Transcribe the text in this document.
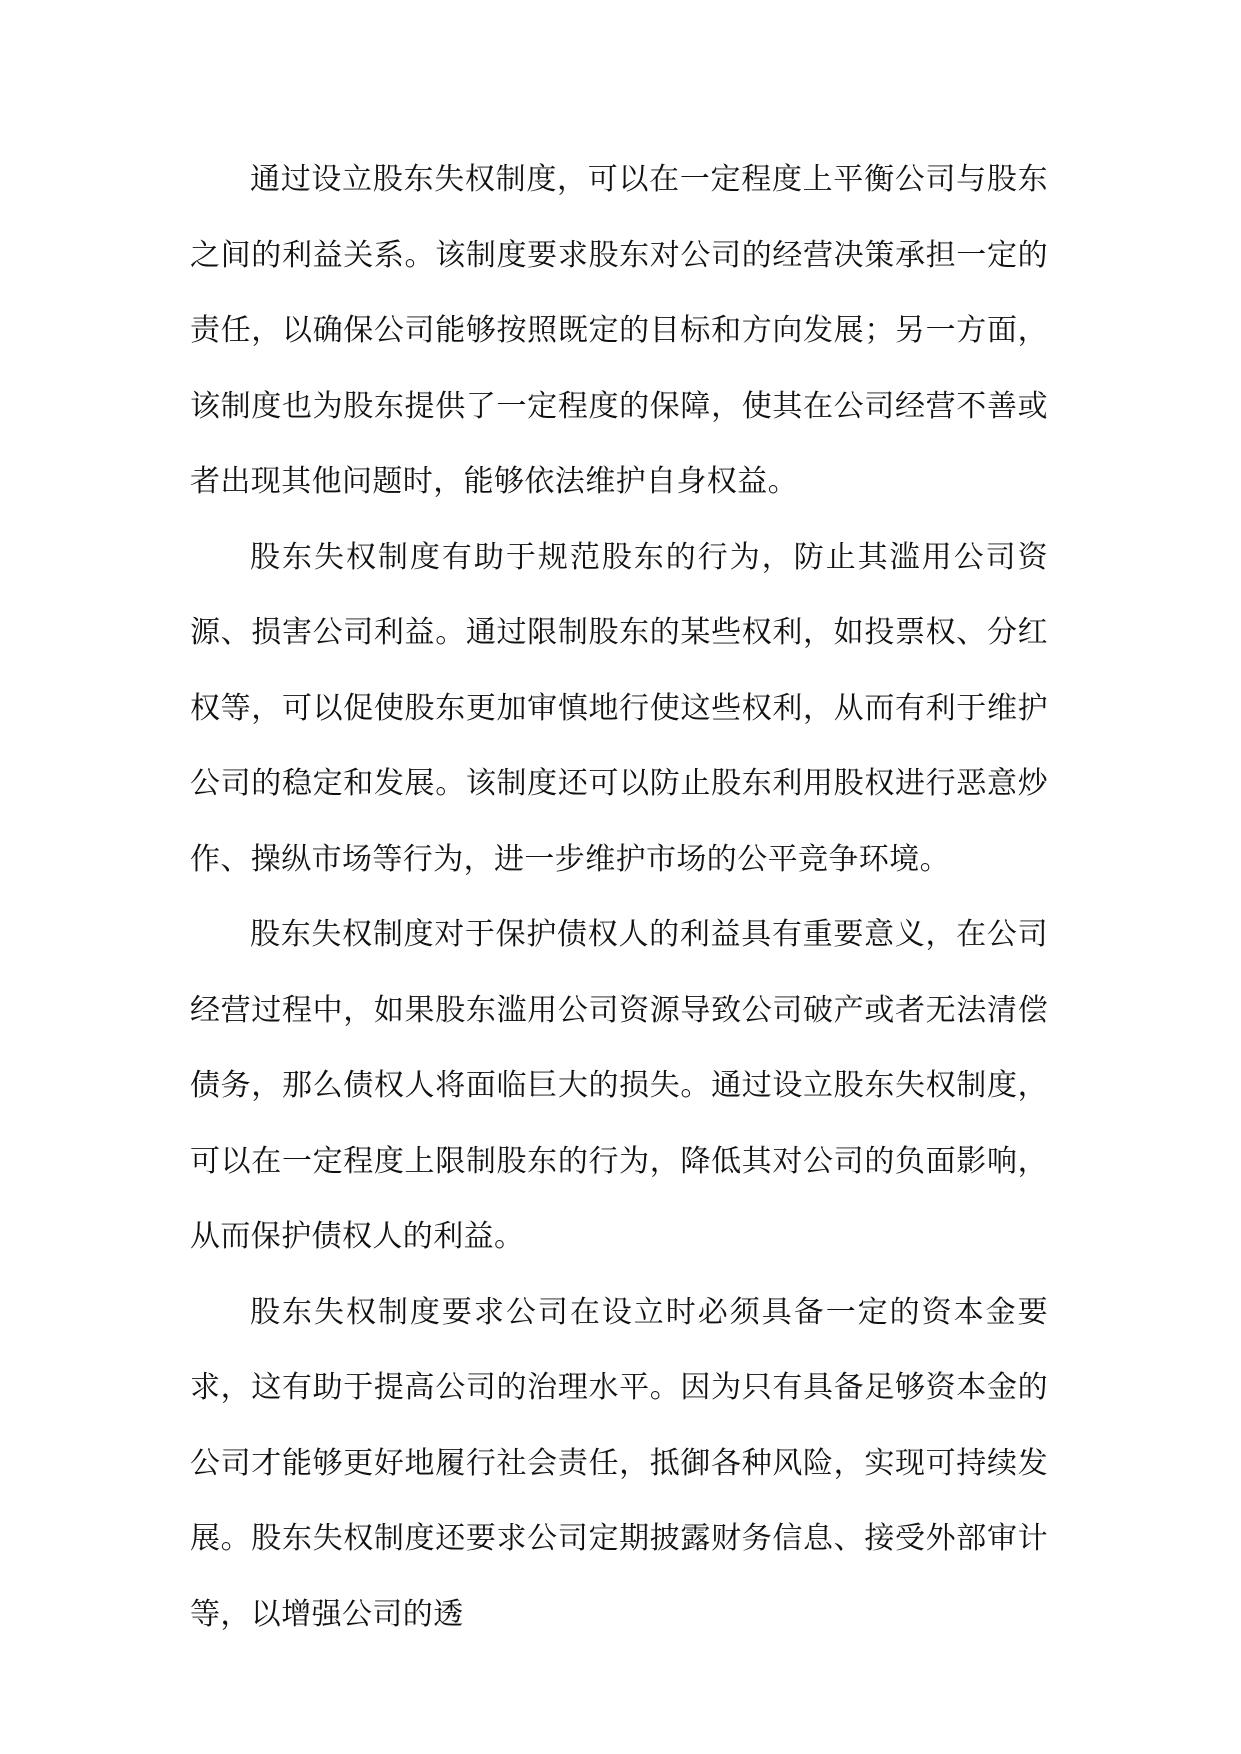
通过设立股东失权制度，可以在一定程度上平衡公司与股东之间的利益关系。该制度要求股东对公司的经营决策承担一定的责任，以确保公司能够按照既定的目标和方向发展；另一方面，该制度也为股东提供了一定程度的保障，使其在公司经营不善或者出现其他问题时，能够依法维护自身权益。

股东失权制度有助于规范股东的行为，防止其滥用公司资源、损害公司利益。通过限制股东的某些权利，如投票权、分红权等，可以促使股东更加审慎地行使这些权利，从而有利于维护公司的稳定和发展。该制度还可以防止股东利用股权进行恶意炒作、操纵市场等行为，进一步维护市场的公平竞争环境。

股东失权制度对于保护债权人的利益具有重要意义，在公司经营过程中，如果股东滥用公司资源导致公司破产或者无法清偿债务，那么债权人将面临巨大的损失。通过设立股东失权制度，可以在一定程度上限制股东的行为，降低其对公司的负面影响，从而保护债权人的利益。

股东失权制度要求公司在设立时必须具备一定的资本金要求，这有助于提高公司的治理水平。因为只有具备足够资本金的公司才能够更好地履行社会责任，抵御各种风险，实现可持续发展。股东失权制度还要求公司定期披露财务信息、接受外部审计等，以增强公司的透
